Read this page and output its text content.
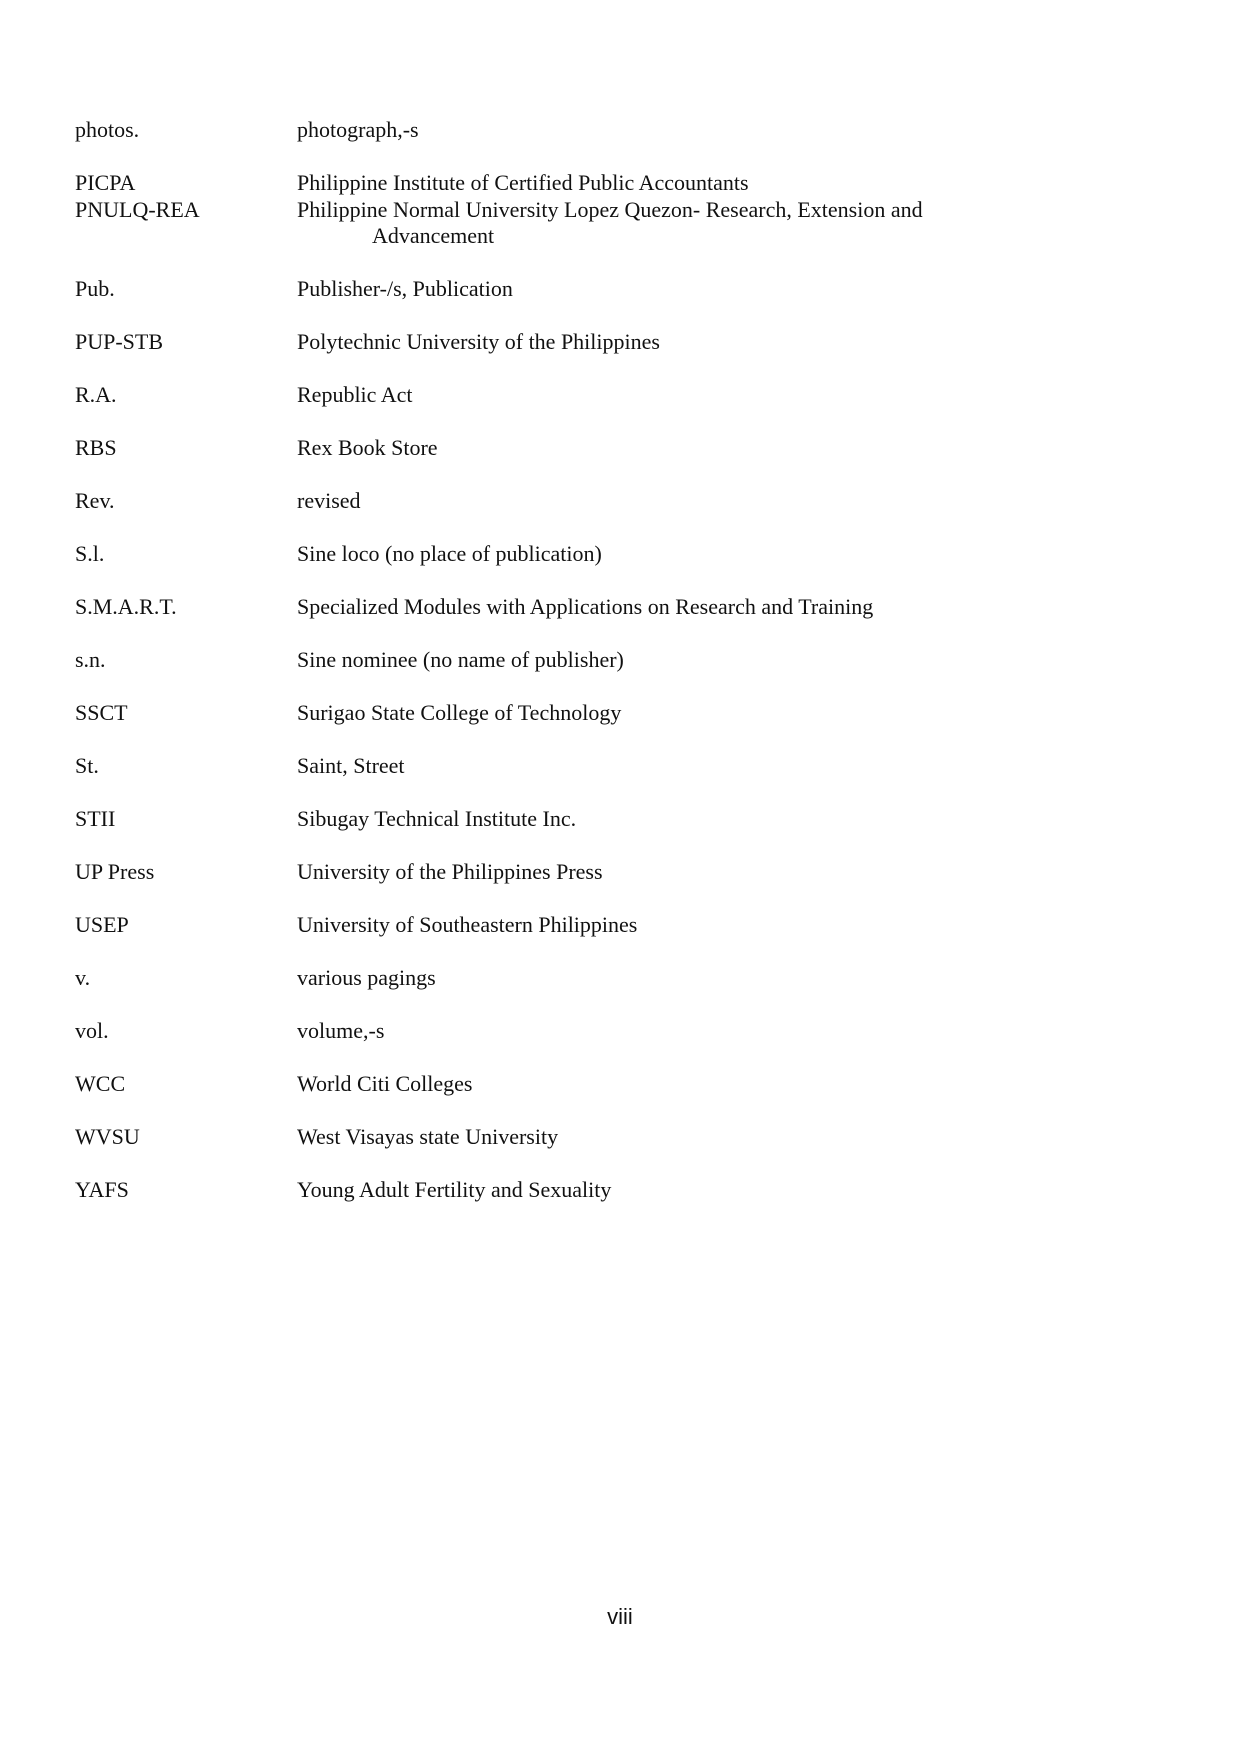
photos.	photograph,-s
PICPA	Philippine Institute of Certified Public Accountants
PNULQ-REA	Philippine Normal University Lopez Quezon- Research, Extension and
Advancement
Pub.	Publisher-/s, Publication
PUP-STB	Polytechnic University of the Philippines
R.A.	Republic Act
RBS	Rex Book Store
Rev.	revised
S.l.	Sine loco (no place of publication)
S.M.A.R.T.	Specialized Modules with Applications on Research and Training
s.n.	Sine nominee (no name of publisher)
SSCT	Surigao State College of Technology
St.	Saint, Street
STII	Sibugay Technical Institute Inc.
UP Press	University of the Philippines Press
USEP	University of Southeastern Philippines
v.	various pagings
vol.	volume,-s
WCC	World Citi Colleges
WVSU	West Visayas state University
YAFS	Young Adult Fertility and Sexuality
viii
